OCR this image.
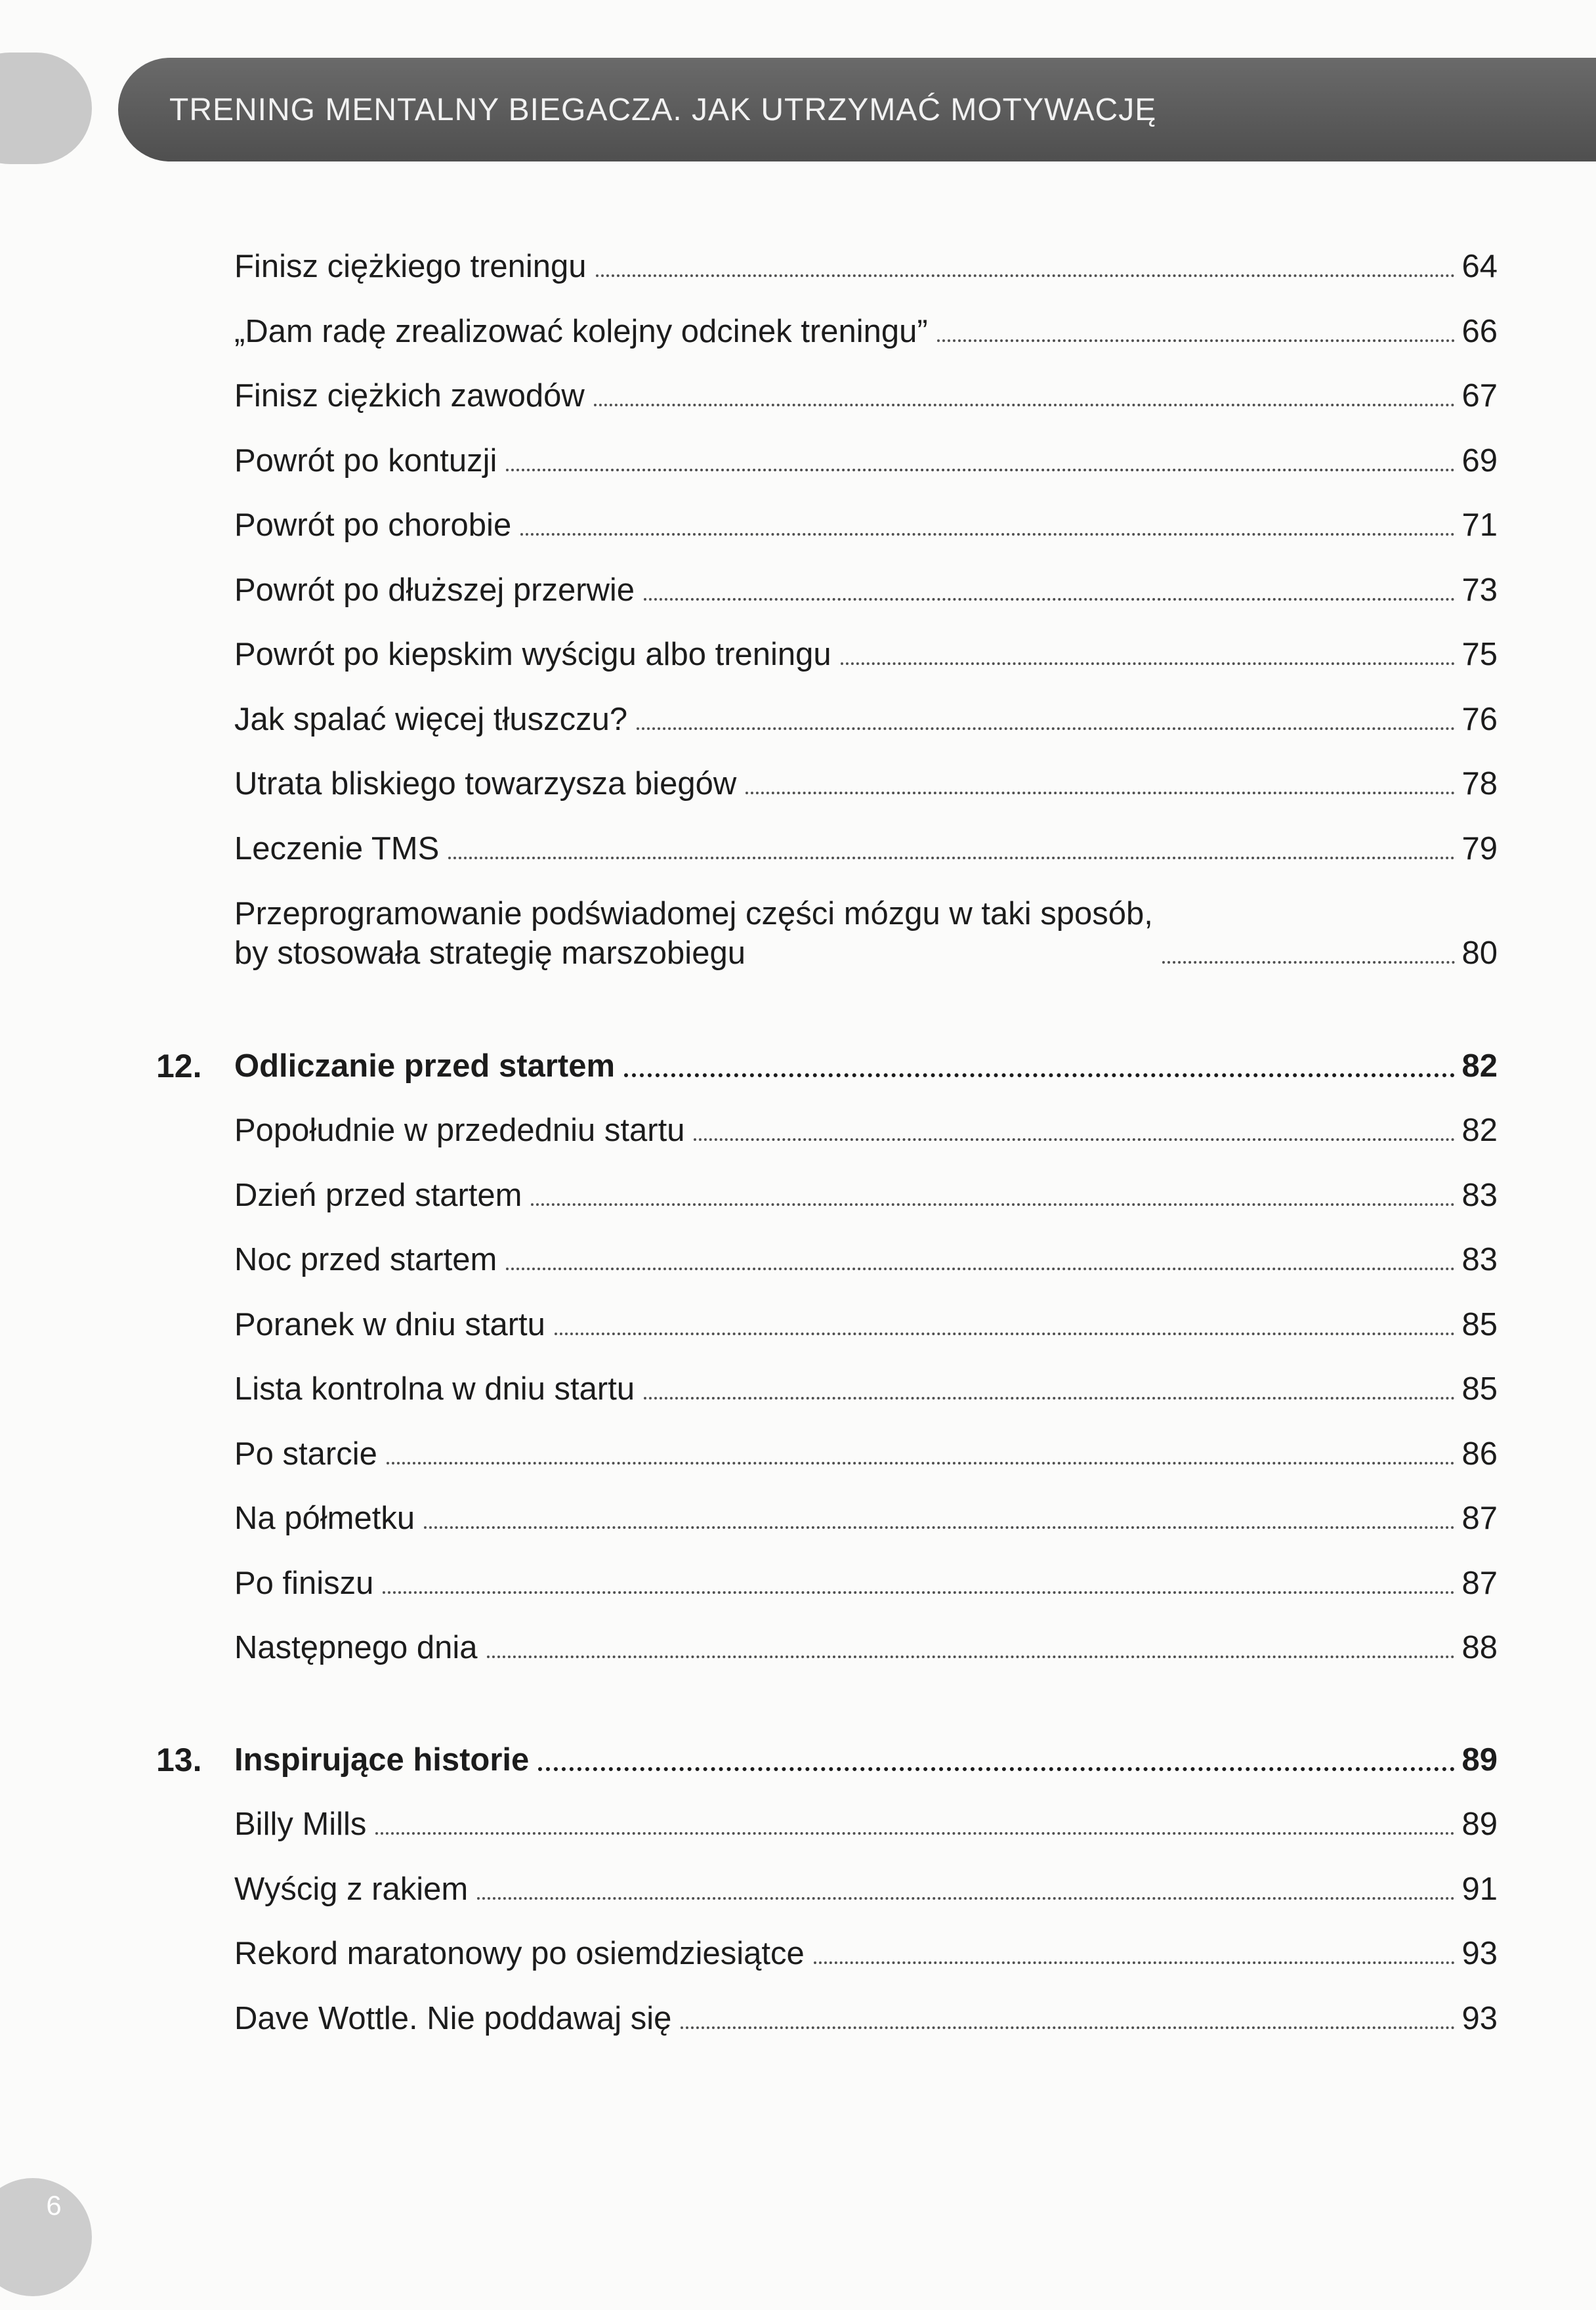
TRENING MENTALNY BIEGACZA. JAK UTRZYMAĆ MOTYWACJĘ
Finisz ciężkiego treningu	64
„Dam radę zrealizować kolejny odcinek treningu”	66
Finisz ciężkich zawodów	67
Powrót po kontuzji	69
Powrót po chorobie	71
Powrót po dłuższej przerwie	73
Powrót po kiepskim wyścigu albo treningu	75
Jak spalać więcej tłuszczu?	76
Utrata bliskiego towarzysza biegów	78
Leczenie TMS	79
Przeprogramowanie podświadomej części mózgu w taki sposób,
by stosowała strategię marszobiegu	80
12. Odliczanie przed startem	82
Popołudnie w przededniu startu	82
Dzień przed startem	83
Noc przed startem	83
Poranek w dniu startu	85
Lista kontrolna w dniu startu	85
Po starcie	86
Na półmetku	87
Po finiszu	87
Następnego dnia	88
13. Inspirujące historie	89
Billy Mills	89
Wyścig z rakiem	91
Rekord maratonowy po osiemdziesiątce	93
Dave Wottle. Nie poddawaj się	93
6
